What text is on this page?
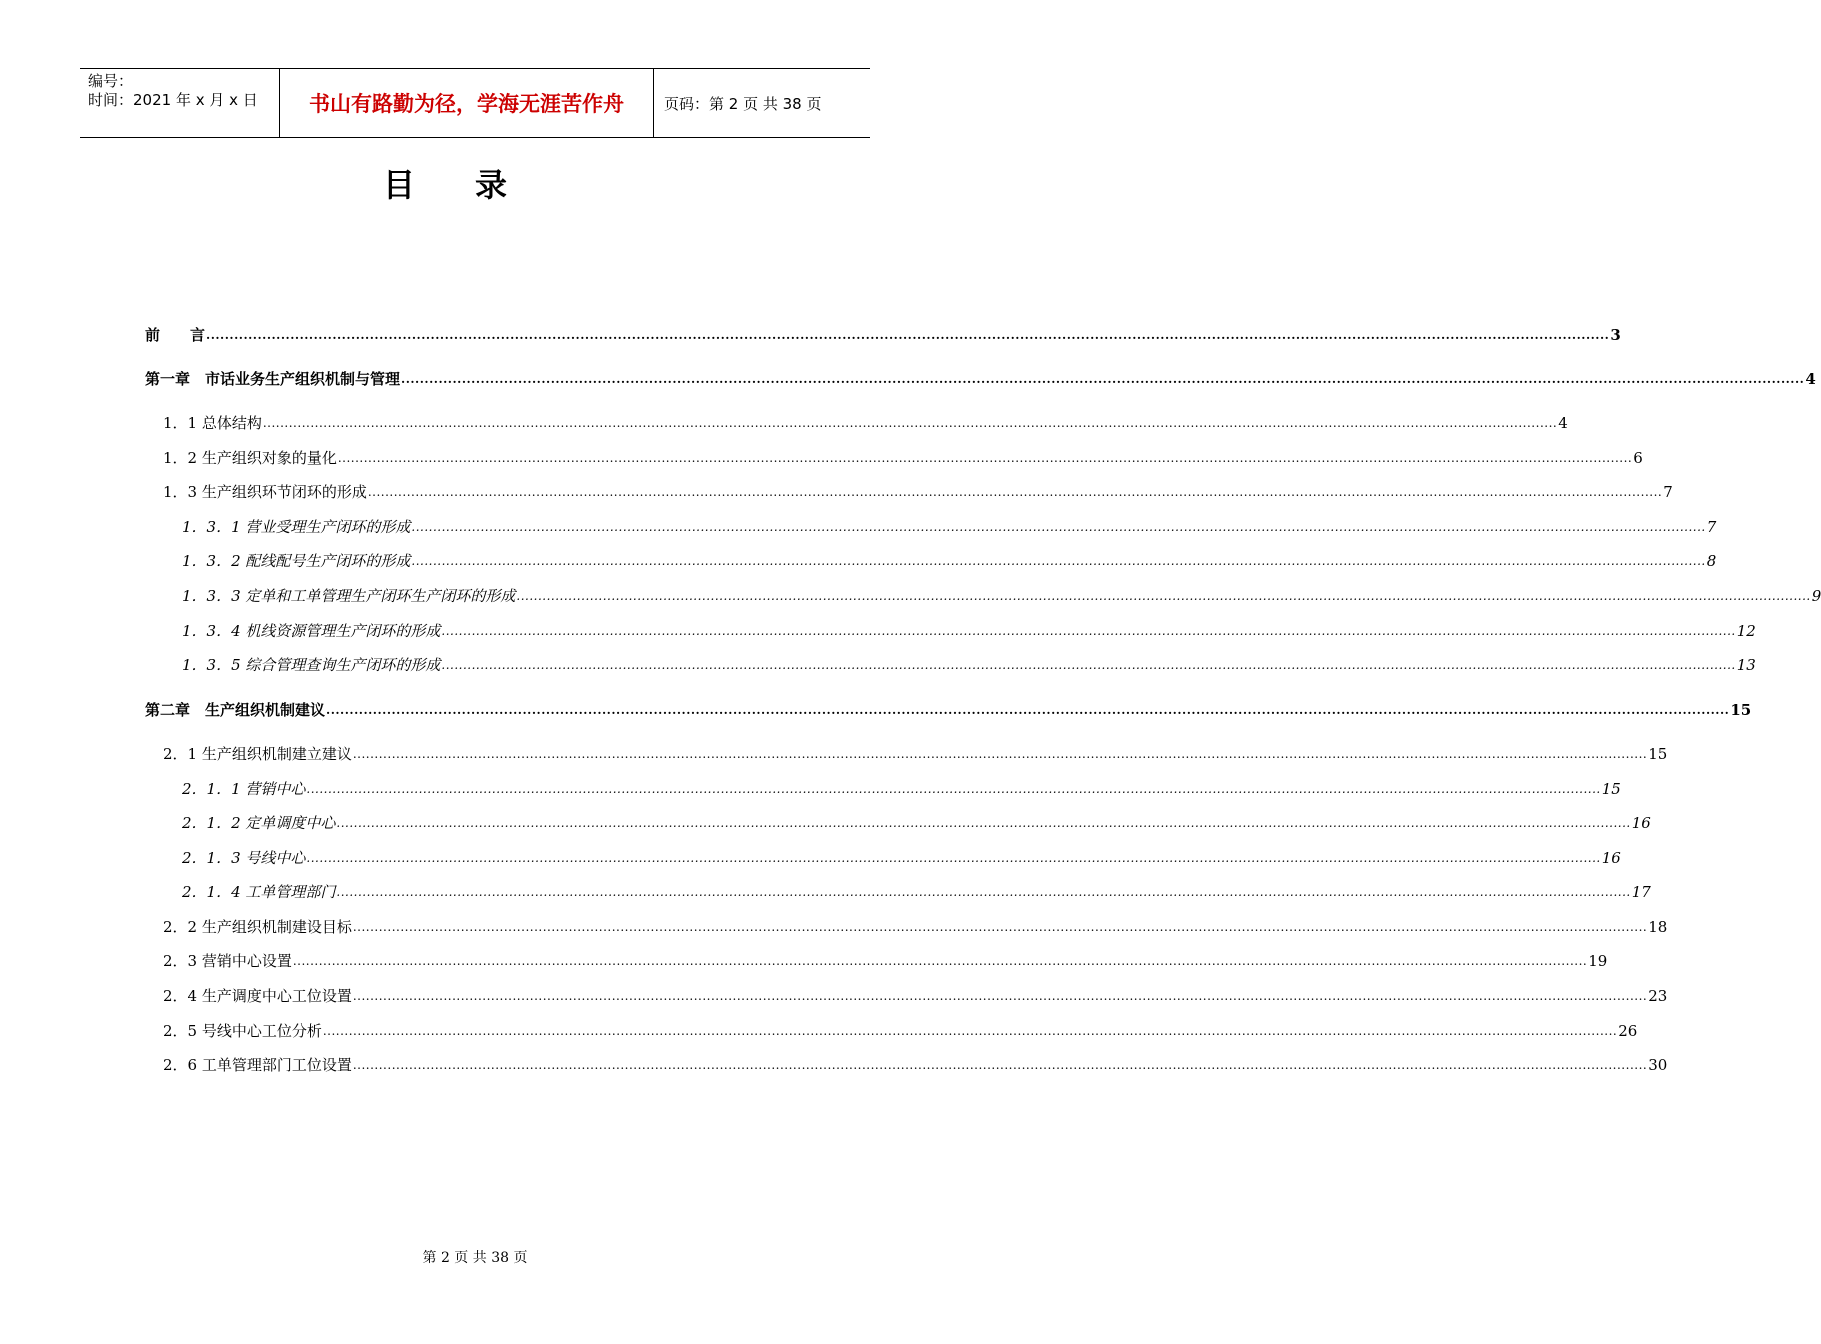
编号：
时间：2021 年 x 月 x 日	书山有路勤为径，学海无涯苦作舟	页码：第 2 页 共 38 页
目录
前　　言 ............................................................................................................................................................................................................................................................................................................ 3
第一章　市话业务生产组织机制与管理 ............................................................................................................................................................................................................................................................................................................ 4
1．1 总体结构 ............................................................................................................................................................................................................................................................................................................ 4
1．2 生产组织对象的量化 ............................................................................................................................................................................................................................................................................................................ 6
1．3 生产组织环节闭环的形成 ............................................................................................................................................................................................................................................................................................................ 7
1．3．1 营业受理生产闭环的形成 ............................................................................................................................................................................................................................................................................................................ 7
1．3．2 配线配号生产闭环的形成 ............................................................................................................................................................................................................................................................................................................ 8
1．3．3 定单和工单管理生产闭环生产闭环的形成 ............................................................................................................................................................................................................................................................................................................ 9
1．3．4 机线资源管理生产闭环的形成 ............................................................................................................................................................................................................................................................................................................ 12
1．3．5 综合管理查询生产闭环的形成 ............................................................................................................................................................................................................................................................................................................ 13
第二章　生产组织机制建议 ............................................................................................................................................................................................................................................................................................................ 15
2．1 生产组织机制建立建议 ............................................................................................................................................................................................................................................................................................................ 15
2．1．1 营销中心 ............................................................................................................................................................................................................................................................................................................ 15
2．1．2 定单调度中心 ............................................................................................................................................................................................................................................................................................................ 16
2．1．3 号线中心 ............................................................................................................................................................................................................................................................................................................ 16
2．1．4 工单管理部门 ............................................................................................................................................................................................................................................................................................................ 17
2．2 生产组织机制建设目标 ............................................................................................................................................................................................................................................................................................................ 18
2．3 营销中心设置 ............................................................................................................................................................................................................................................................................................................ 19
2．4 生产调度中心工位设置 ............................................................................................................................................................................................................................................................................................................ 23
2．5 号线中心工位分析 ............................................................................................................................................................................................................................................................................................................ 26
2．6 工单管理部门工位设置 ............................................................................................................................................................................................................................................................................................................ 30
第 2 页 共 38 页
